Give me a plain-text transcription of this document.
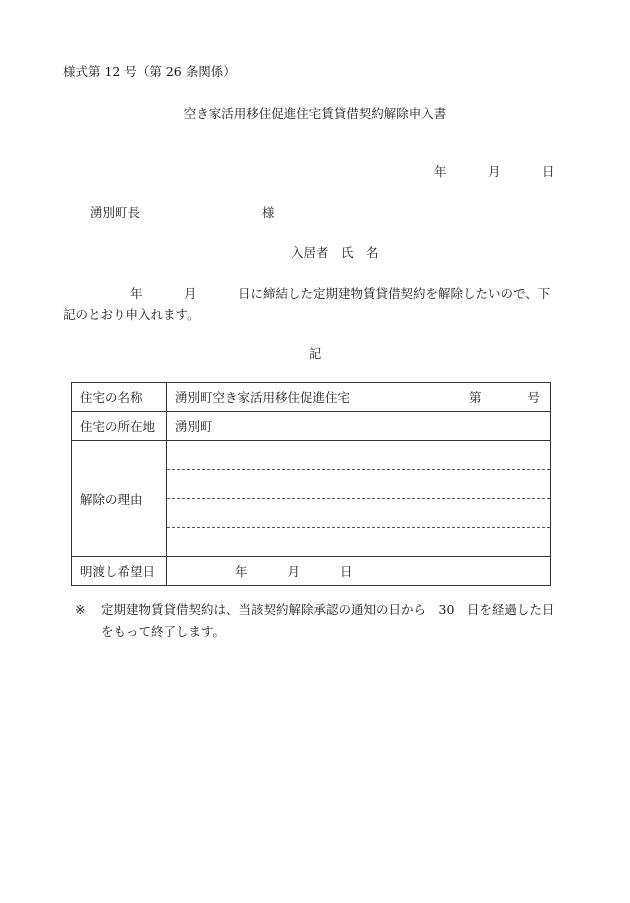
様式第 12 号（第 26 条関係）
空き家活用移住促進住宅賃貸借契約解除申入書
年	月	日
湧別町長	様
入居者　氏　名
年	月	日に締結した定期建物賃貸借契約を解除したいので、下
記のとおり申入れます。
記
住宅の名称	湧別町空き家活用移住促進住宅 第 号

住宅の所在地	湧別町
解除の理由	

明渡し希望日	年 月 日
※ 定期建物賃貸借契約は、当該契約解除承認の通知の日から　30　日を経過した日
をもって終了します。
